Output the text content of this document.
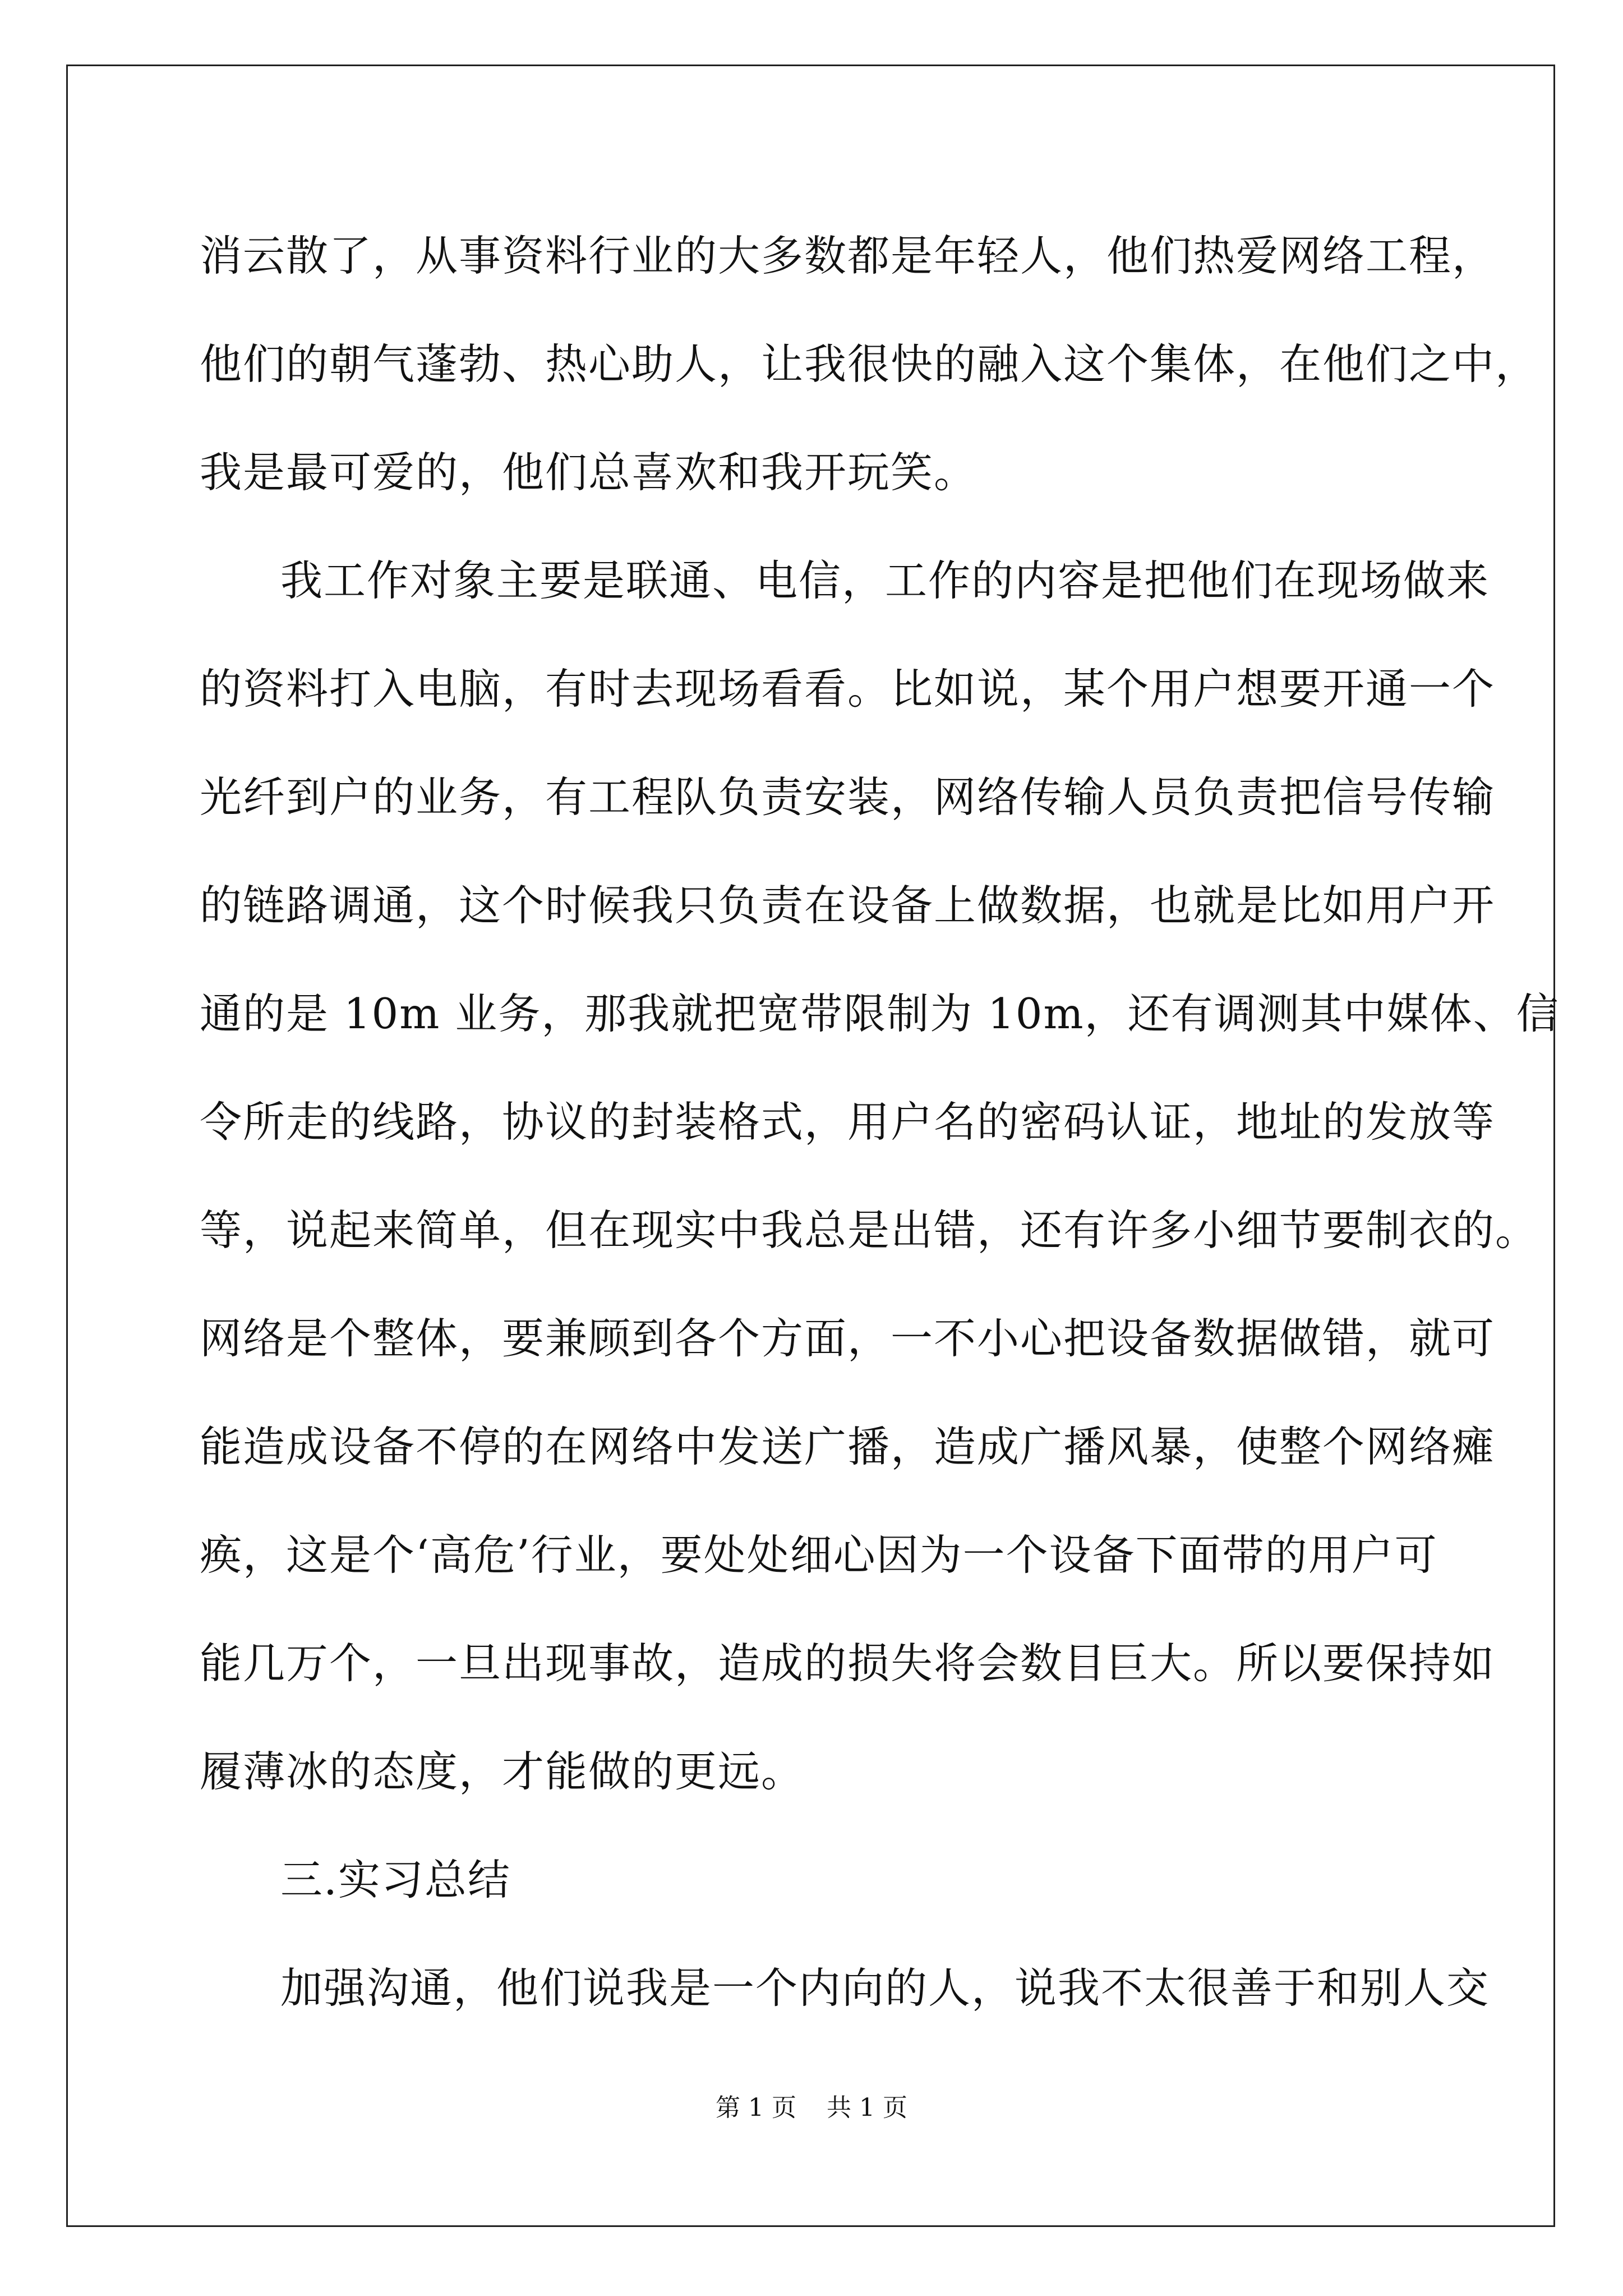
消云散了，从事资料行业的大多数都是年轻人，他们热爱网络工程，
他们的朝气蓬勃、热心助人，让我很快的融入这个集体，在他们之中，
我是最可爱的，他们总喜欢和我开玩笑。
我工作对象主要是联通、电信，工作的内容是把他们在现场做来
的资料打入电脑，有时去现场看看。比如说，某个用户想要开通一个
光纤到户的业务，有工程队负责安装，网络传输人员负责把信号传输
的链路调通，这个时候我只负责在设备上做数据，也就是比如用户开
通的是 10m 业务，那我就把宽带限制为 10m，还有调测其中媒体、信
令所走的线路，协议的封装格式，用户名的密码认证，地址的发放等
等，说起来简单，但在现实中我总是出错，还有许多小细节要制衣的。
网络是个整体，要兼顾到各个方面，一不小心把设备数据做错，就可
能造成设备不停的在网络中发送广播，造成广播风暴，使整个网络瘫
痪，这是个‘高危’行业，要处处细心因为一个设备下面带的用户可
能几万个，一旦出现事故，造成的损失将会数目巨大。所以要保持如
履薄冰的态度，才能做的更远。
三.实习总结
加强沟通，他们说我是一个内向的人，说我不太很善于和别人交
第 1 页 共 1 页
